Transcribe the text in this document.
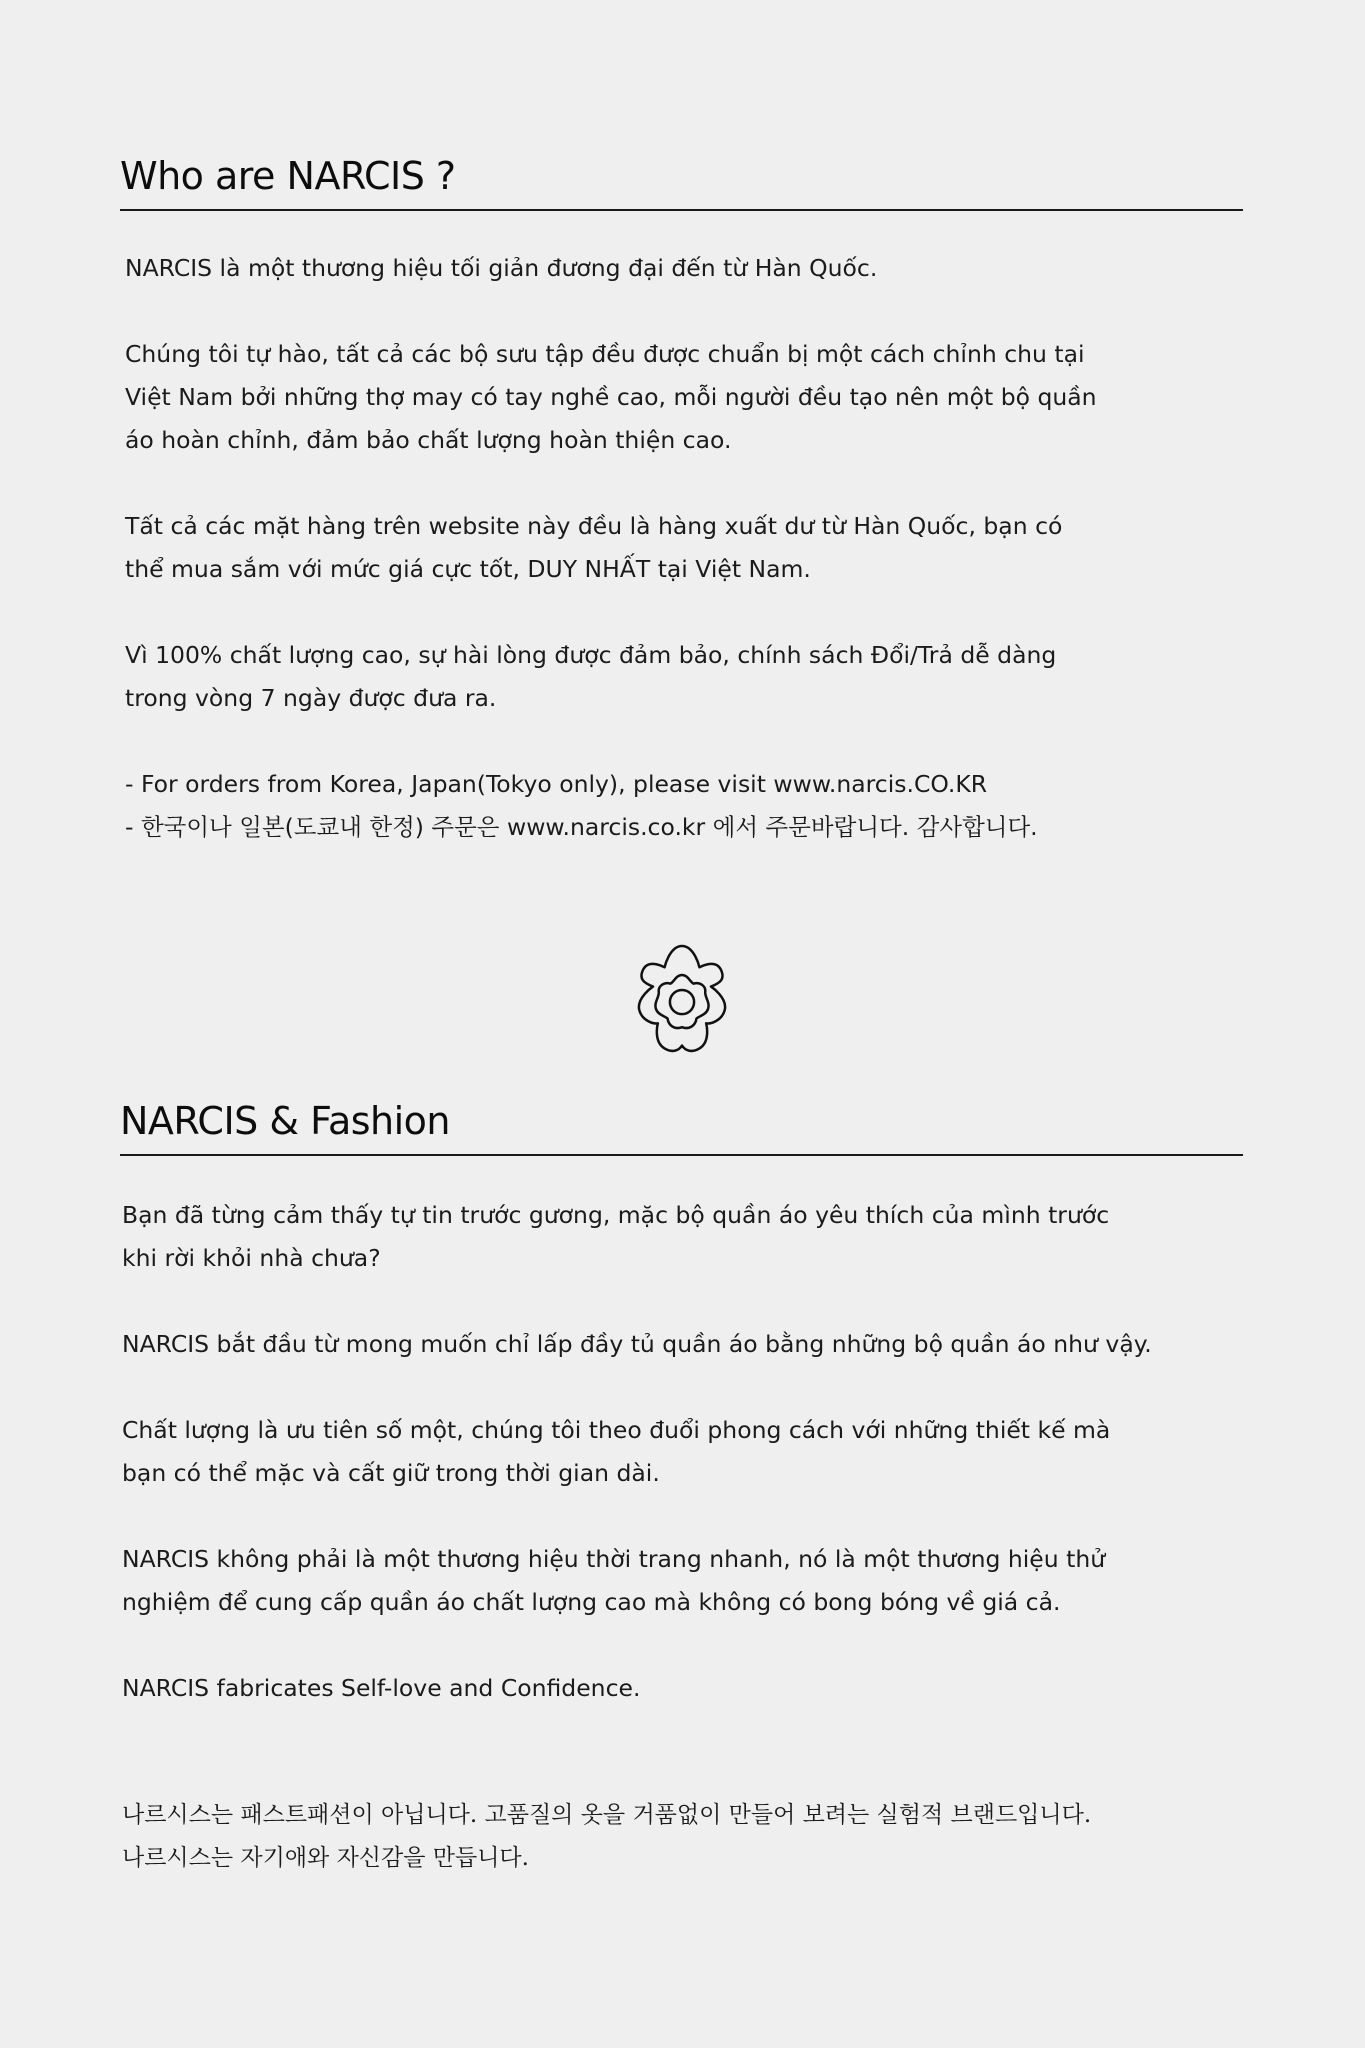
Who are NARCIS ?

NARCIS là một thương hiệu tối giản đương đại đến từ Hàn Quốc.

Chúng tôi tự hào, tất cả các bộ sưu tập đều được chuẩn bị một cách chỉnh chu tại
Việt Nam bởi những thợ may có tay nghề cao, mỗi người đều tạo nên một bộ quần
áo hoàn chỉnh, đảm bảo chất lượng hoàn thiện cao.

Tất cả các mặt hàng trên website này đều là hàng xuất dư từ Hàn Quốc, bạn có
thể mua sắm với mức giá cực tốt, DUY NHẤT tại Việt Nam.

Vì 100% chất lượng cao, sự hài lòng được đảm bảo, chính sách Đổi/Trả dễ dàng
trong vòng 7 ngày được đưa ra.

- For orders from Korea, Japan(Tokyo only), please visit www.narcis.CO.KR

- 한국이나 일본(도쿄내 한정) 주문은 www.narcis.co.kr 에서 주문바랍니다. 감사합니다.

NARCIS & Fashion

Bạn đã từng cảm thấy tự tin trước gương, mặc bộ quần áo yêu thích của mình trước
khi rời khỏi nhà chưa?

NARCIS bắt đầu từ mong muốn chỉ lấp đầy tủ quần áo bằng những bộ quần áo như vậy.

Chất lượng là ưu tiên số một, chúng tôi theo đuổi phong cách với những thiết kế mà
bạn có thể mặc và cất giữ trong thời gian dài.

NARCIS không phải là một thương hiệu thời trang nhanh, nó là một thương hiệu thử
nghiệm để cung cấp quần áo chất lượng cao mà không có bong bóng về giá cả.

NARCIS fabricates Self-love and Confidence.

나르시스는 패스트패션이 아닙니다. 고품질의 옷을 거품없이 만들어 보려는 실험적 브랜드입니다.
나르시스는 자기애와 자신감을 만듭니다.
